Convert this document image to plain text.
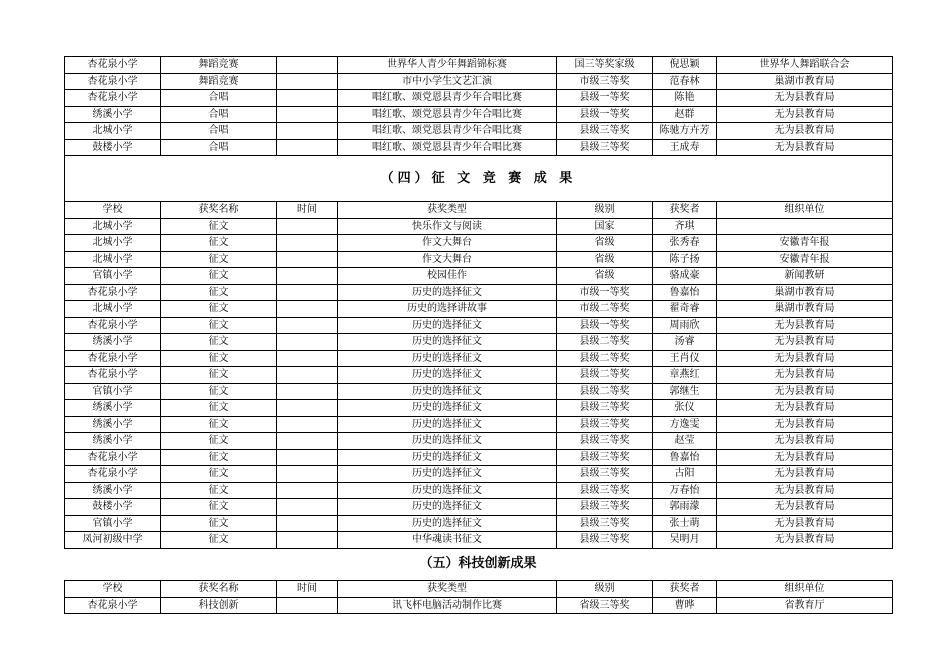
杏花泉小学	舞蹈竞赛		世界华人青少年舞蹈锦标赛	国三等奖家级	倪思颖	世界华人舞蹈联合会
杏花泉小学	舞蹈竞赛		市中小学生文艺汇演	市级三等奖	范春林	巢湖市教育局
杏花泉小学	合唱		唱红歌、颂党恩县青少年合唱比赛	县级一等奖	陈艳	无为县教育局
绣溪小学	合唱		唱红歌、颂党恩县青少年合唱比赛	县级一等奖	赵群	无为县教育局
北城小学	合唱		唱红歌、颂党恩县青少年合唱比赛	县级三等奖	陈驰方卉芳	无为县教育局
鼓楼小学	合唱		唱红歌、颂党恩县青少年合唱比赛	县级三等奖	王成寿	无为县教育局
（四）征 文 竞 赛 成 果						
学校	获奖名称	时间	获奖类型	级别	获奖者	组织单位
北城小学	征文		快乐作文与阅读	国家	齐琪	
北城小学	征文		作文大舞台	省级	张秀春	安徽青年报
北城小学	征文		作文大舞台	省级	陈子扬	安徽青年报
官镇小学	征文		校园佳作	省级	骆成豪	新闻教研
杏花泉小学	征文		历史的选择征文	市级一等奖	鲁嘉怡	巢湖市教育局
北城小学	征文		历史的选择讲故事	市级二等奖	翟奇睿	巢湖市教育局
杏花泉小学	征文		历史的选择征文	县级一等奖	周雨欣	无为县教育局
绣溪小学	征文		历史的选择征文	县级二等奖	汤睿	无为县教育局
杏花泉小学	征文		历史的选择征文	县级二等奖	王肖仪	无为县教育局
杏花泉小学	征文		历史的选择征文	县级二等奖	章燕红	无为县教育局
官镇小学	征文		历史的选择征文	县级二等奖	郭继生	无为县教育局
绣溪小学	征文		历史的选择征文	县级三等奖	张仪	无为县教育局
绣溪小学	征文		历史的选择征文	县级三等奖	方逸雯	无为县教育局
绣溪小学	征文		历史的选择征文	县级三等奖	赵莹	无为县教育局
杏花泉小学	征文		历史的选择征文	县级三等奖	鲁嘉怡	无为县教育局
杏花泉小学	征文		历史的选择征文	县级三等奖	古阳	无为县教育局
绣溪小学	征文		历史的选择征文	县级三等奖	万春怡	无为县教育局
鼓楼小学	征文		历史的选择征文	县级三等奖	郭雨濛	无为县教育局
官镇小学	征文		历史的选择征文	县级三等奖	张士萌	无为县教育局
凤河初级中学	征文		中华魂读书征文	县级三等奖	吴明月	无为县教育局
（五）科技创新成果
学校	获奖名称	时间	获奖类型	级别	获奖者	组织单位
杏花泉小学	科技创新		讯飞杯电脑活动制作比赛	省级三等奖	曹晔	省教育厅
